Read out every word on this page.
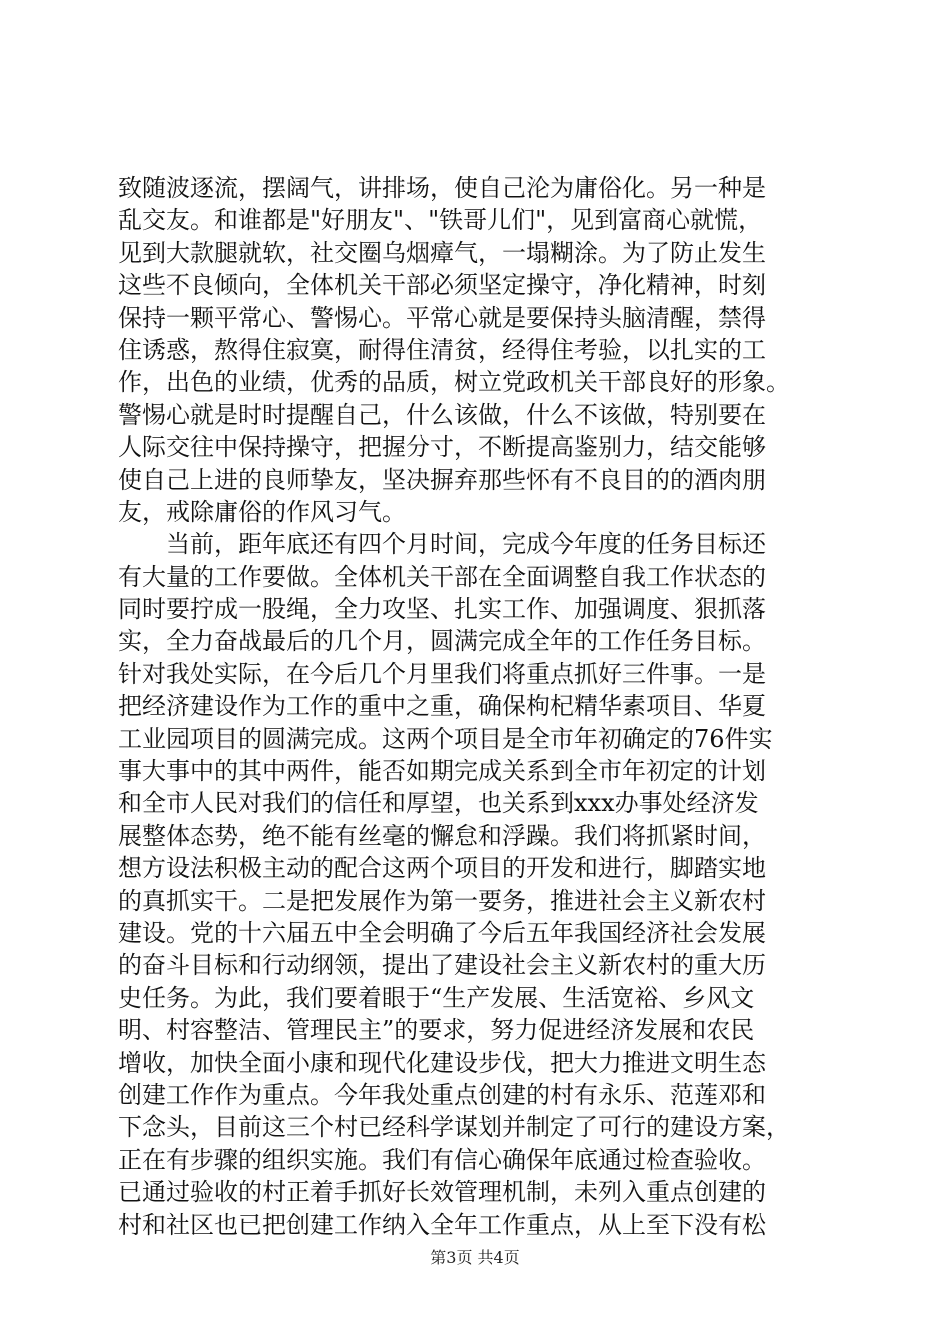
致随波逐流，摆阔气，讲排场，使自己沦为庸俗化。另一种是
乱交友。和谁都是"好朋友"、"铁哥儿们"，见到富商心就慌，
见到大款腿就软，社交圈乌烟瘴气，一塌糊涂。为了防止发生
这些不良倾向，全体机关干部必须坚定操守，净化精神，时刻
保持一颗平常心、警惕心。平常心就是要保持头脑清醒，禁得
住诱惑，熬得住寂寞，耐得住清贫，经得住考验，以扎实的工
作，出色的业绩，优秀的品质，树立党政机关干部良好的形象。
警惕心就是时时提醒自己，什么该做，什么不该做，特别要在
人际交往中保持操守，把握分寸，不断提高鉴别力，结交能够
使自己上进的良师挚友，坚决摒弃那些怀有不良目的的酒肉朋
友，戒除庸俗的作风习气。
　　当前，距年底还有四个月时间，完成今年度的任务目标还
有大量的工作要做。全体机关干部在全面调整自我工作状态的
同时要拧成一股绳，全力攻坚、扎实工作、加强调度、狠抓落
实，全力奋战最后的几个月，圆满完成全年的工作任务目标。
针对我处实际，在今后几个月里我们将重点抓好三件事。一是
把经济建设作为工作的重中之重，确保枸杞精华素项目、华夏
工业园项目的圆满完成。这两个项目是全市年初确定的76件实
事大事中的其中两件，能否如期完成关系到全市年初定的计划
和全市人民对我们的信任和厚望，也关系到xxx办事处经济发
展整体态势，绝不能有丝毫的懈怠和浮躁。我们将抓紧时间，
想方设法积极主动的配合这两个项目的开发和进行，脚踏实地
的真抓实干。二是把发展作为第一要务，推进社会主义新农村
建设。党的十六届五中全会明确了今后五年我国经济社会发展
的奋斗目标和行动纲领，提出了建设社会主义新农村的重大历
史任务。为此，我们要着眼于“生产发展、生活宽裕、乡风文
明、村容整洁、管理民主”的要求，努力促进经济发展和农民
增收，加快全面小康和现代化建设步伐，把大力推进文明生态
创建工作作为重点。今年我处重点创建的村有永乐、范莲邓和
下念头，目前这三个村已经科学谋划并制定了可行的建设方案，
正在有步骤的组织实施。我们有信心确保年底通过检查验收。
已通过验收的村正着手抓好长效管理机制，未列入重点创建的
村和社区也已把创建工作纳入全年工作重点，从上至下没有松
第3页 共4页
